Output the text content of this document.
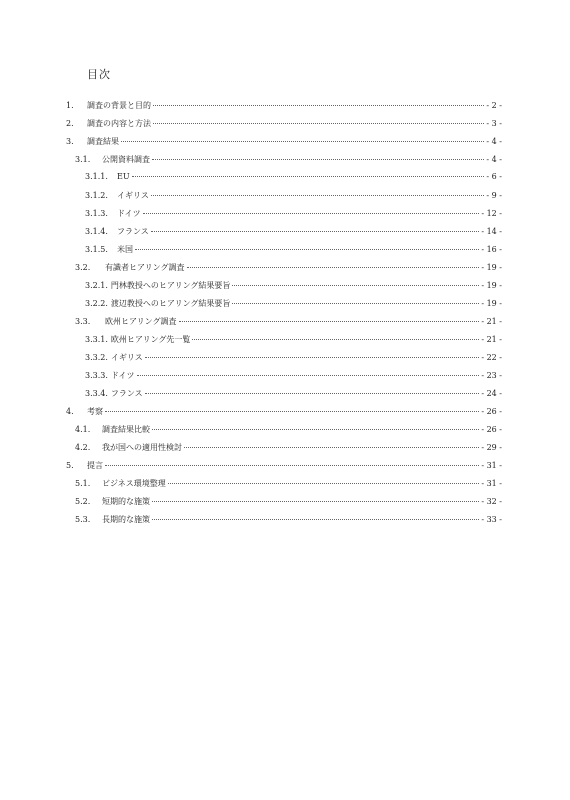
目次
1.	調査の背景と目的	- 2 -
2.	調査の内容と方法	- 3 -
3.	調査結果	- 4 -
3.1.	公開資料調査	- 4 -
3.1.1.	EU	- 6 -
3.1.2.	イギリス	- 9 -
3.1.3.	ドイツ	- 12 -
3.1.4.	フランス	- 14 -
3.1.5.	米国	- 16 -
3.2.	有識者ヒアリング調査	- 19 -
3.2.1. 門林教授へのヒアリング結果要旨	- 19 -
3.2.2. 渡辺教授へのヒアリング結果要旨	- 19 -
3.3.	欧州ヒアリング調査	- 21 -
3.3.1. 欧州ヒアリング先一覧	- 21 -
3.3.2. イギリス	- 22 -
3.3.3. ドイツ	- 23 -
3.3.4. フランス	- 24 -
4.	考察	- 26 -
4.1.	調査結果比較	- 26 -
4.2.	我が国への適用性検討	- 29 -
5.	提言	- 31 -
5.1.	ビジネス環境整理	- 31 -
5.2.	短期的な施策	- 32 -
5.3.	長期的な施策	- 33 -
